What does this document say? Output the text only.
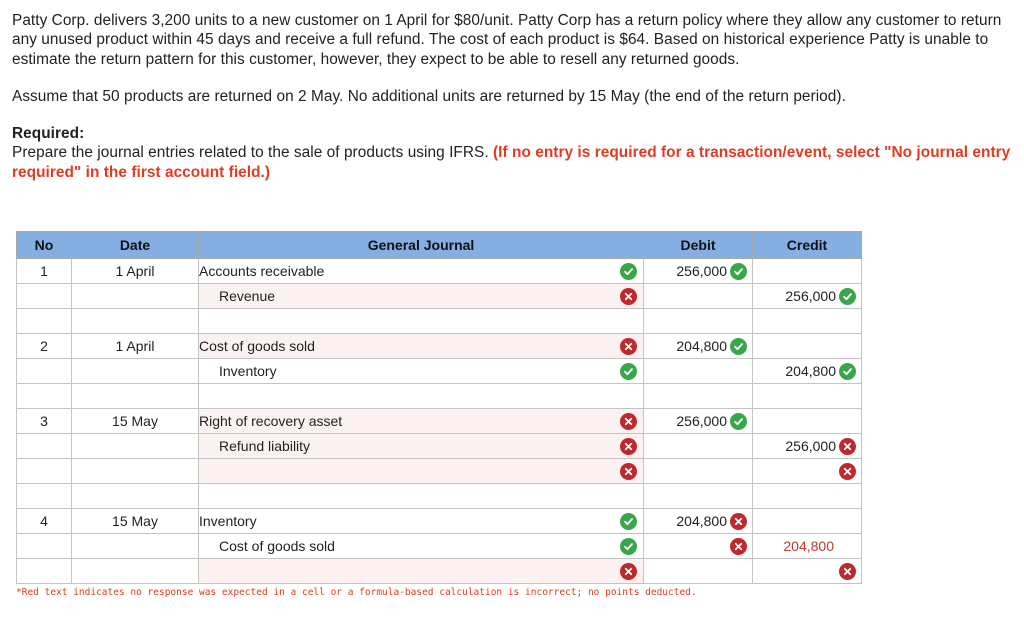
Patty Corp. delivers 3,200 units to a new customer on 1 April for $80/unit. Patty Corp has a return policy where they allow any customer to return any unused product within 45 days and receive a full refund. The cost of each product is $64. Based on historical experience Patty is unable to estimate the return pattern for this customer, however, they expect to be able to resell any returned goods.

Assume that 50 products are returned on 2 May. No additional units are returned by 15 May (the end of the return period).

Required:

Prepare the journal entries related to the sale of products using IFRS. (If no entry is required for a transaction/event, select "No journal entry required" in the first account field.)

No	Date	General Journal	Debit	Credit
1	1 April	Accounts receivable	256,000	

		Revenue		256,000

2	1 April	Cost of goods sold	204,800	

		Inventory		204,800

3	15 May	Right of recovery asset	256,000	

		Refund liability		256,000

4	15 May	Inventory	204,800	

		Cost of goods sold		204,800

*Red text indicates no response was expected in a cell or a formula-based calculation is incorrect; no points deducted.
